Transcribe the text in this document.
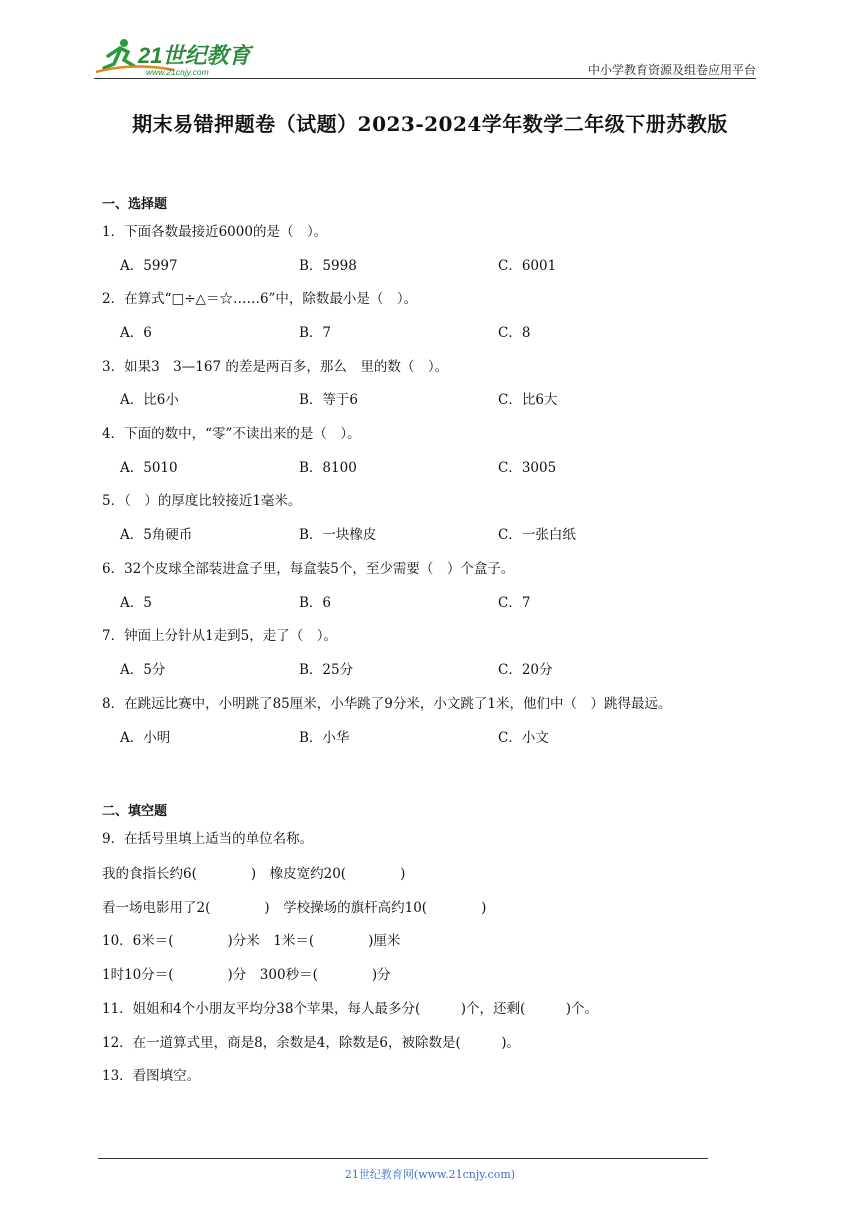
21世纪教育
www.21cnjy.com	中小学教育资源及组卷应用平台
期末易错押题卷（试题）2023-2024学年数学二年级下册苏教版
一、选择题
1．下面各数最接近6000的是（　）。
A．5997	B．5998	C．6001
2．在算式“□÷△＝☆……6”中，除数最小是（　）。
A．6	B．7	C．8
3．如果3　3—167 的差是两百多，那么　里的数（　）。
A．比6小	B．等于6	C．比6大
4．下面的数中，“零”不读出来的是（　）。
A．5010	B．8100	C．3005
5．（　）的厚度比较接近1毫米。
A．5角硬币	B．一块橡皮	C．一张白纸
6．32个皮球全部装进盒子里，每盒装5个，至少需要（　）个盒子。
A．5	B．6	C．7
7．钟面上分针从1走到5，走了（　）。
A．5分	B．25分	C．20分
8．在跳远比赛中，小明跳了85厘米，小华跳了9分米，小文跳了1米，他们中（　）跳得最远。
A．小明	B．小华	C．小文
二、填空题
9．在括号里填上适当的单位名称。
我的食指长约6(　　　　)　橡皮宽约20(　　　　)
看一场电影用了2(　　　　)　学校操场的旗杆高约10(　　　　)
10．6米＝(　　　　)分米　1米＝(　　　　)厘米
1时10分＝(　　　　)分　300秒＝(　　　　)分
11．姐姐和4个小朋友平均分38个苹果，每人最多分(　　　)个，还剩(　　　)个。
12．在一道算式里，商是8，余数是4，除数是6，被除数是(　　　)。
13．看图填空。
21世纪教育网(www.21cnjy.com)
